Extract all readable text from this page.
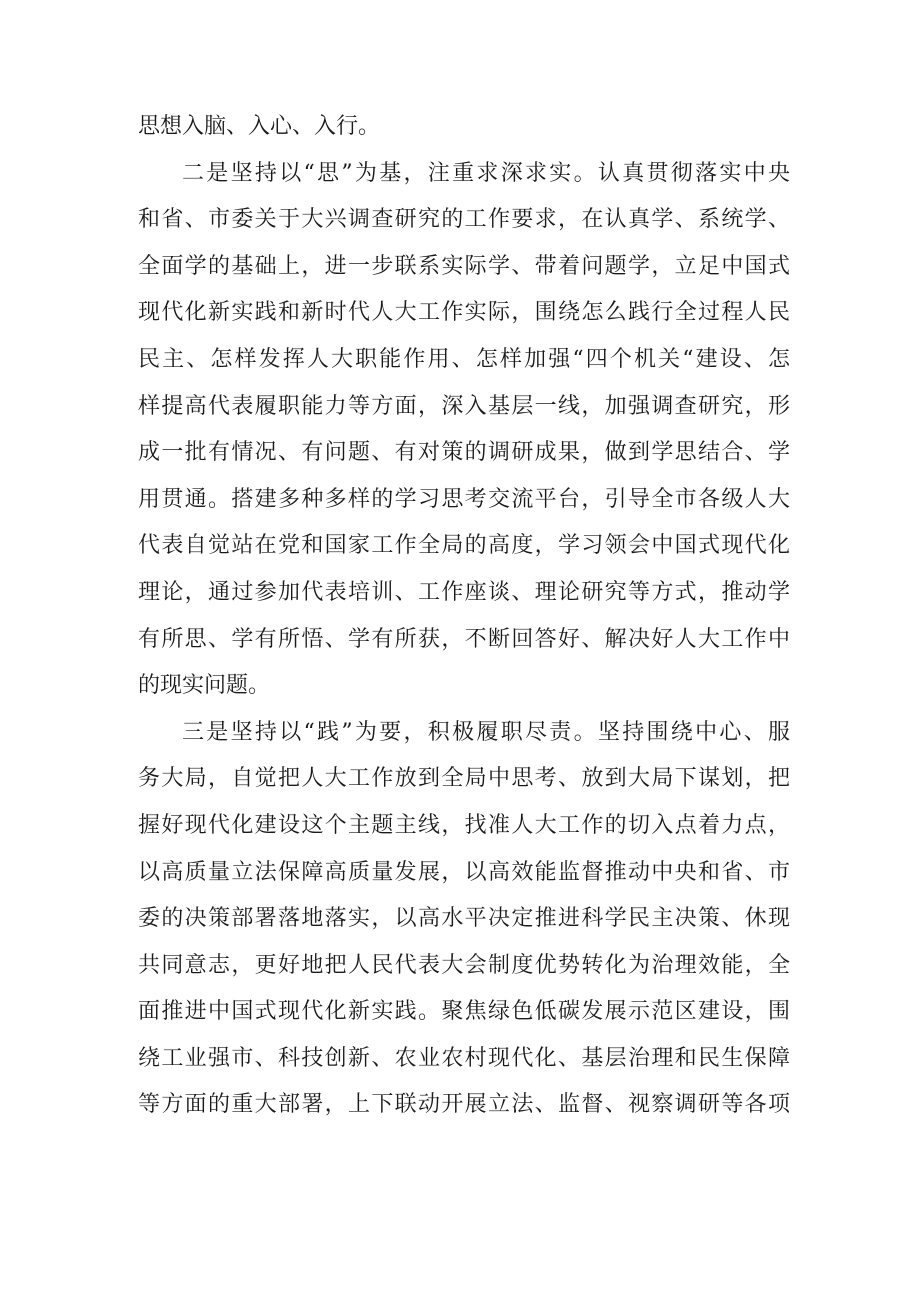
思想入脑、入心、入行。
二是坚持以“思”为基，注重求深求实。认真贯彻落实中央
和省、市委关于大兴调查研究的工作要求，在认真学、系统学、
全面学的基础上，进一步联系实际学、带着问题学，立足中国式
现代化新实践和新时代人大工作实际，围绕怎么践行全过程人民
民主、怎样发挥人大职能作用、怎样加强“四个机关“建设、怎
样提高代表履职能力等方面，深入基层一线，加强调查研究，形
成一批有情况、有问题、有对策的调研成果，做到学思结合、学
用贯通。搭建多种多样的学习思考交流平台，引导全市各级人大
代表自觉站在党和国家工作全局的高度，学习领会中国式现代化
理论，通过参加代表培训、工作座谈、理论研究等方式，推动学
有所思、学有所悟、学有所获，不断回答好、解决好人大工作中
的现实问题。
三是坚持以“践”为要，积极履职尽责。坚持围绕中心、服
务大局，自觉把人大工作放到全局中思考、放到大局下谋划，把
握好现代化建设这个主题主线，找准人大工作的切入点着力点，
以高质量立法保障高质量发展，以高效能监督推动中央和省、市
委的决策部署落地落实，以高水平决定推进科学民主决策、休现
共同意志，更好地把人民代表大会制度优势转化为治理效能，全
面推进中国式现代化新实践。聚焦绿色低碳发展示范区建设，围
绕工业强市、科技创新、农业农村现代化、基层治理和民生保障
等方面的重大部署，上下联动开展立法、监督、视察调研等各项
